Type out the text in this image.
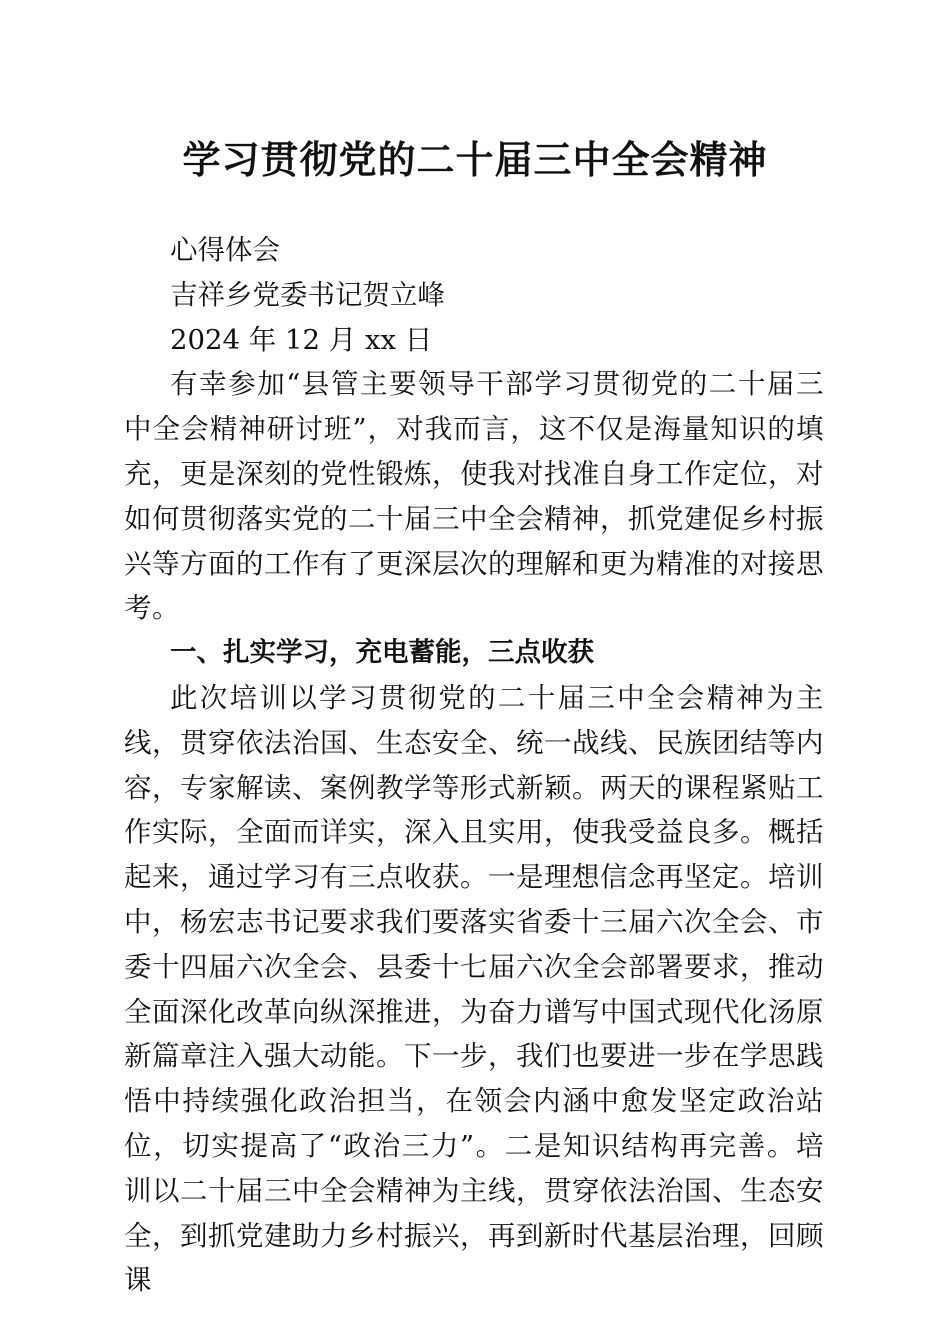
学习贯彻党的二十届三中全会精神

心得体会

吉祥乡党委书记贺立峰

2024 年 12 月 xx 日

有幸参加“县管主要领导干部学习贯彻党的二十届三中全会精神研讨班”，对我而言，这不仅是海量知识的填充，更是深刻的党性锻炼，使我对找准自身工作定位，对如何贯彻落实党的二十届三中全会精神，抓党建促乡村振兴等方面的工作有了更深层次的理解和更为精准的对接思考。

一、扎实学习，充电蓄能，三点收获

此次培训以学习贯彻党的二十届三中全会精神为主线，贯穿依法治国、生态安全、统一战线、民族团结等内容，专家解读、案例教学等形式新颖。两天的课程紧贴工作实际，全面而详实，深入且实用，使我受益良多。概括起来，通过学习有三点收获。一是理想信念再坚定。培训中，杨宏志书记要求我们要落实省委十三届六次全会、市委十四届六次全会、县委十七届六次全会部署要求，推动全面深化改革向纵深推进，为奋力谱写中国式现代化汤原新篇章注入强大动能。下一步，我们也要进一步在学思践悟中持续强化政治担当，在领会内涵中愈发坚定政治站位，切实提高了“政治三力”。二是知识结构再完善。培训以二十届三中全会精神为主线，贯穿依法治国、生态安全，到抓党建助力乡村振兴，再到新时代基层治理，回顾课
